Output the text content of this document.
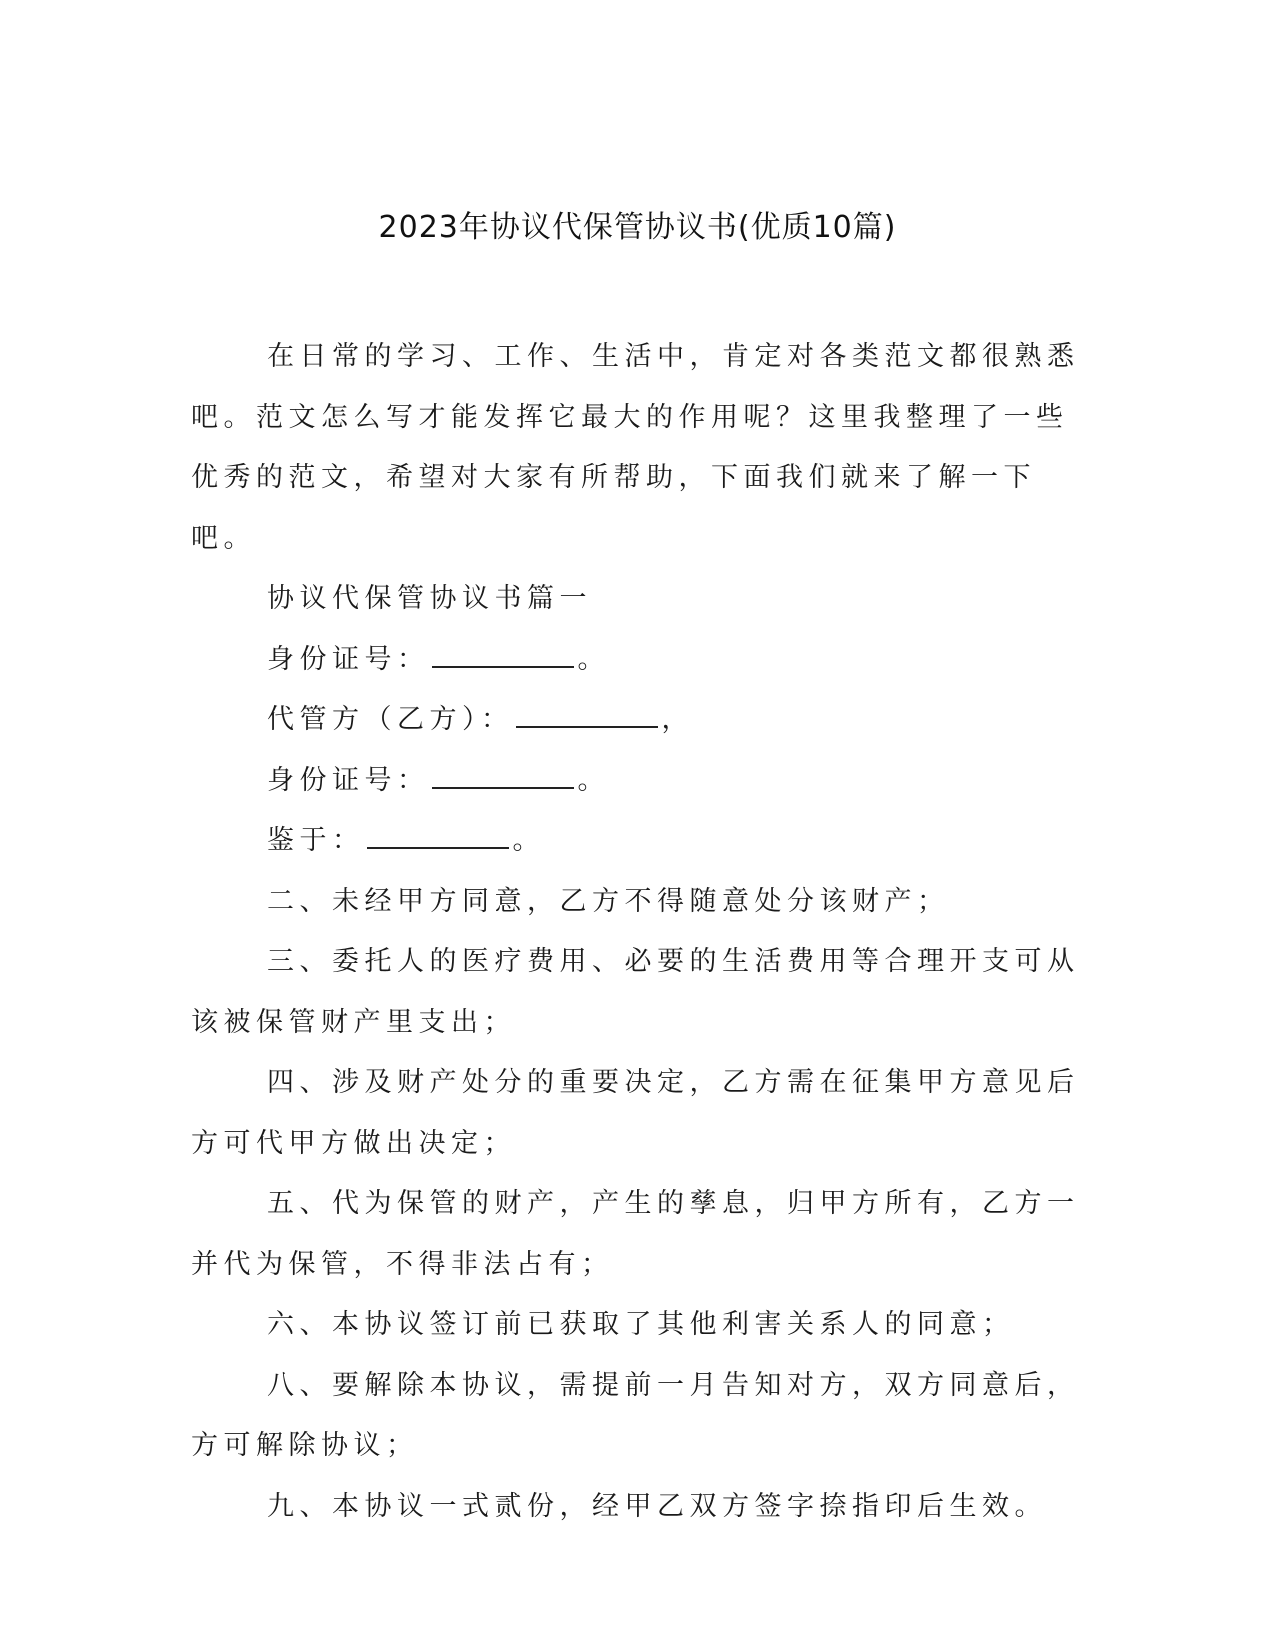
2023年协议代保管协议书(优质10篇)

在日常的学习、工作、生活中，肯定对各类范文都很熟悉吧。范文怎么写才能发挥它最大的作用呢？这里我整理了一些优秀的范文，希望对大家有所帮助，下面我们就来了解一下吧。

协议代保管协议书篇一

身份证号：	。

代管方（乙方）：	，

身份证号：	。

鉴于：	。

二、未经甲方同意，乙方不得随意处分该财产；

三、委托人的医疗费用、必要的生活费用等合理开支可从该被保管财产里支出；

四、涉及财产处分的重要决定，乙方需在征集甲方意见后方可代甲方做出决定；

五、代为保管的财产，产生的孳息，归甲方所有，乙方一并代为保管，不得非法占有；

六、本协议签订前已获取了其他利害关系人的同意；

八、要解除本协议，需提前一月告知对方，双方同意后，方可解除协议；

九、本协议一式贰份，经甲乙双方签字捺指印后生效。
